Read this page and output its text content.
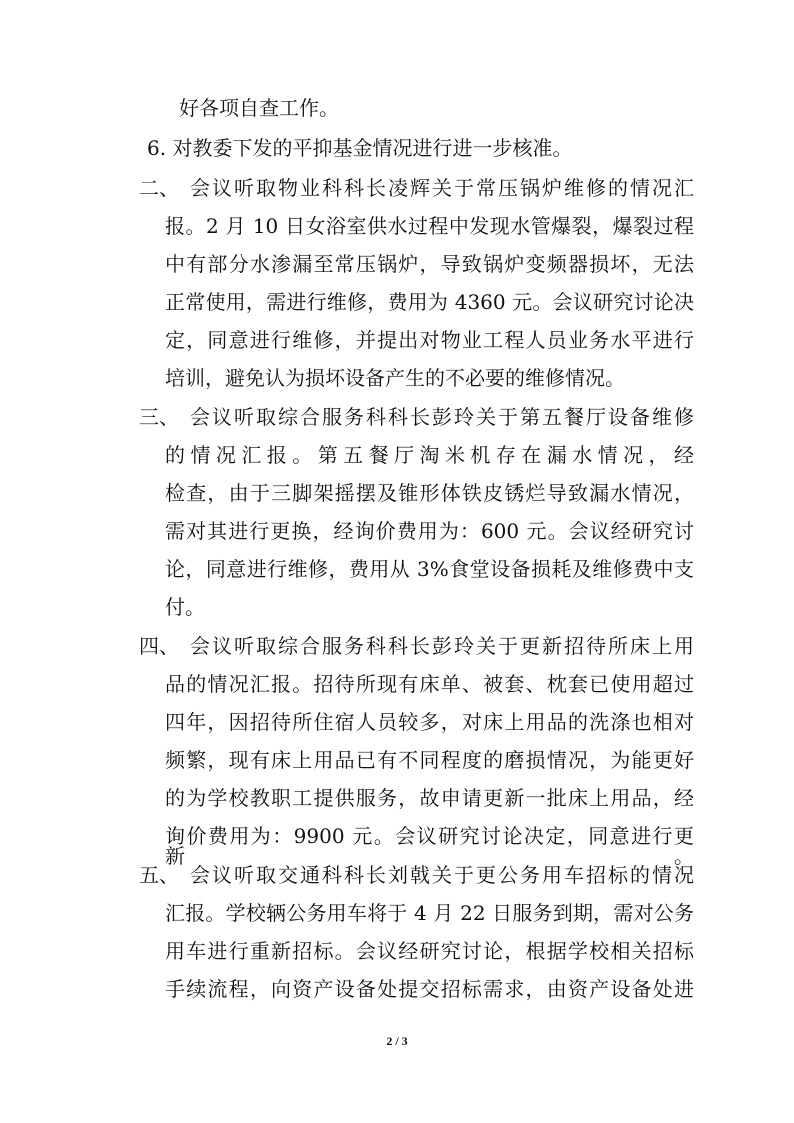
好各项自查工作。
6. 对教委下发的平抑基金情况进行进一步核准。
二、 会议听取物业科科长凌辉关于常压锅炉维修的情况汇
报。2 月 10 日女浴室供水过程中发现水管爆裂，爆裂过程
中有部分水渗漏至常压锅炉，导致锅炉变频器损坏，无法
正常使用，需进行维修，费用为 4360 元。会议研究讨论决
定，同意进行维修，并提出对物业工程人员业务水平进行
培训，避免认为损坏设备产生的不必要的维修情况。
三、 会议听取综合服务科科长彭玲关于第五餐厅设备维修
的情况汇报。第五餐厅淘米机存在漏水情况，经
检查，由于三脚架摇摆及锥形体铁皮锈烂导致漏水情况，
需对其进行更换，经询价费用为：600 元。会议经研究讨
论，同意进行维修，费用从 3%食堂设备损耗及维修费中支
付。
四、 会议听取综合服务科科长彭玲关于更新招待所床上用
品的情况汇报。招待所现有床单、被套、枕套已使用超过
四年，因招待所住宿人员较多，对床上用品的洗涤也相对
频繁，现有床上用品已有不同程度的磨损情况，为能更好
的为学校教职工提供服务，故申请更新一批床上用品，经
询价费用为：9900 元。会议研究讨论决定，同意进行更新。
五、 会议听取交通科科长刘戟关于更公务用车招标的情况
汇报。学校辆公务用车将于 4 月 22 日服务到期，需对公务
用车进行重新招标。会议经研究讨论，根据学校相关招标
手续流程，向资产设备处提交招标需求，由资产设备处进
2 / 3
